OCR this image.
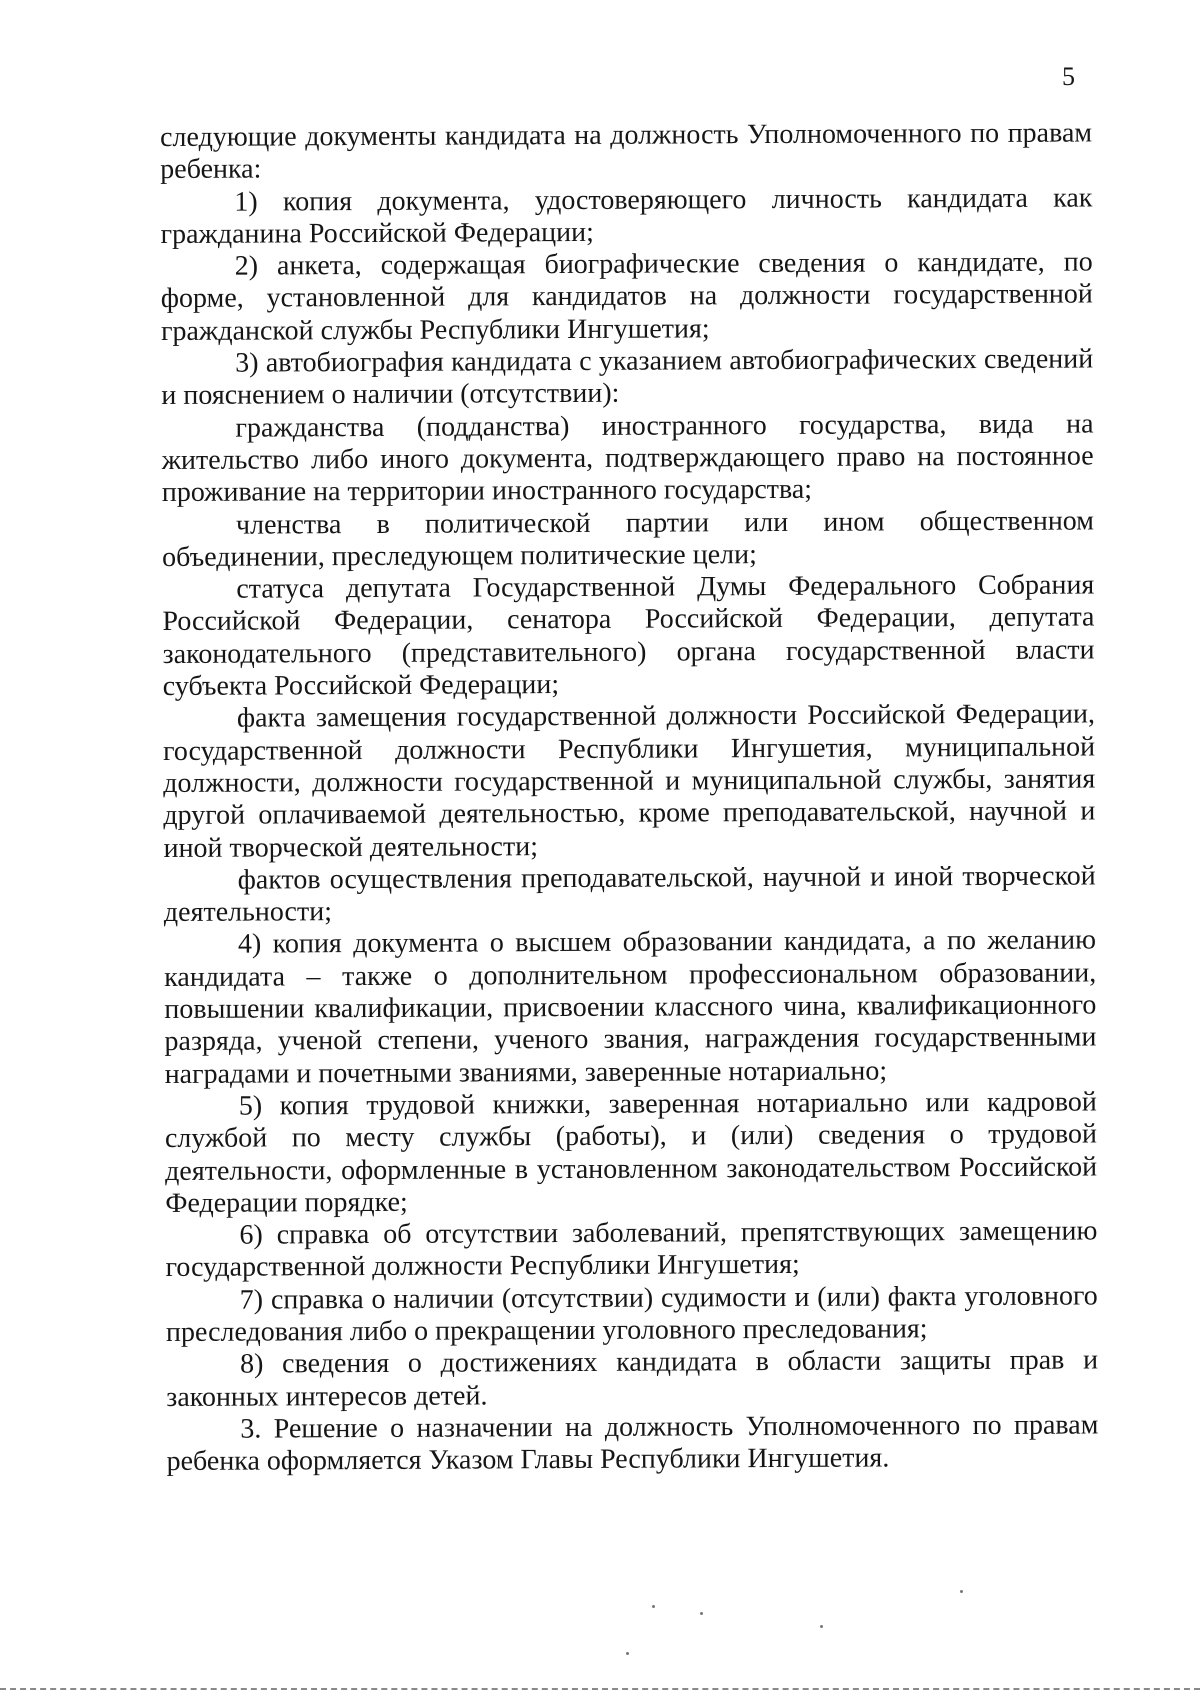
5

следующие документы кандидата на должность Уполномоченного по правам ребенка:

1) копия документа, удостоверяющего личность кандидата как гражданина Российской Федерации;

2) анкета, содержащая биографические сведения о кандидате, по форме, установленной для кандидатов на должности государственной гражданской службы Республики Ингушетия;

3) автобиография кандидата с указанием автобиографических сведений и пояснением о наличии (отсутствии):

гражданства (подданства) иностранного государства, вида на жительство либо иного документа, подтверждающего право на постоянное проживание на территории иностранного государства;

членства в политической партии или ином общественном объединении, преследующем политические цели;

статуса депутата Государственной Думы Федерального Собрания Российской Федерации, сенатора Российской Федерации, депутата законодательного (представительного) органа государственной власти субъекта Российской Федерации;

факта замещения государственной должности Российской Федерации, государственной должности Республики Ингушетия, муниципальной должности, должности государственной и муниципальной службы, занятия другой оплачиваемой деятельностью, кроме преподавательской, научной и иной творческой деятельности;

фактов осуществления преподавательской, научной и иной творческой деятельности;

4) копия документа о высшем образовании кандидата, а по желанию кандидата – также о дополнительном профессиональном образовании, повышении квалификации, присвоении классного чина, квалификационного разряда, ученой степени, ученого звания, награждения государственными наградами и почетными званиями, заверенные нотариально;

5) копия трудовой книжки, заверенная нотариально или кадровой службой по месту службы (работы), и (или) сведения о трудовой деятельности, оформленные в установленном законодательством Российской Федерации порядке;

6) справка об отсутствии заболеваний, препятствующих замещению государственной должности Республики Ингушетия;

7) справка о наличии (отсутствии) судимости и (или) факта уголовного преследования либо о прекращении уголовного преследования;

8) сведения о достижениях кандидата в области защиты прав и законных интересов детей.

3. Решение о назначении на должность Уполномоченного по правам ребенка оформляется Указом Главы Республики Ингушетия.
